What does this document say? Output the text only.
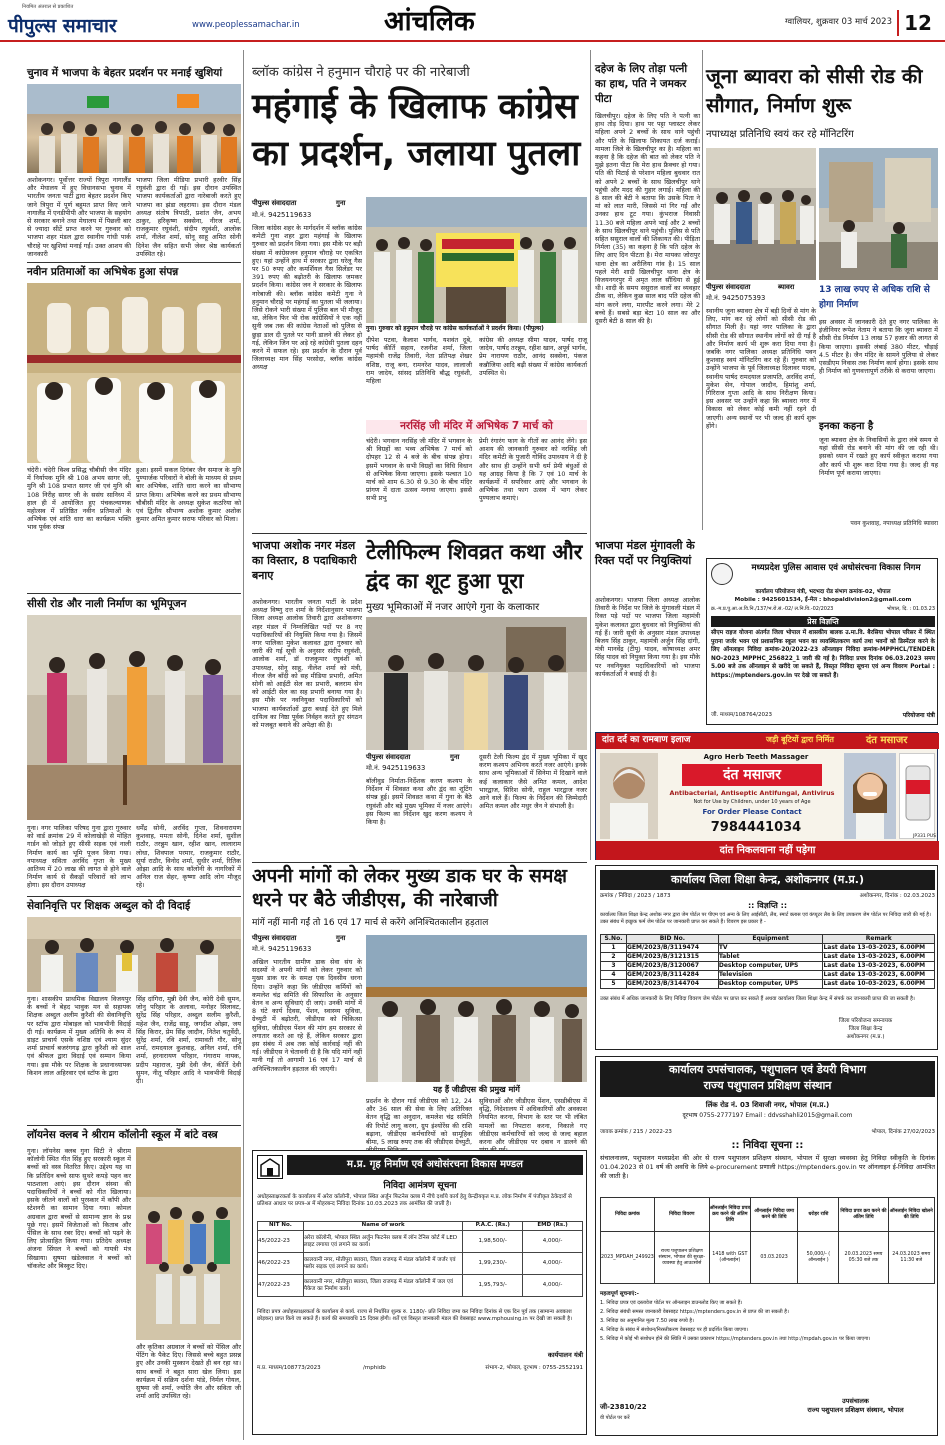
पीपुल्स समाचार
नियमित अंतराल से प्रकाशित
www.peoplessamachar.in	आंचलिक	ग्वालियर, शुक्रवार 03 मार्च 2023 12
चुनाव में भाजपा के बेहतर प्रदर्शन पर मनाई खुशियां
अशोकनगर। पूर्वोत्तर राज्यों त्रिपुरा नागालैंड और मेघालय में हुए विधानसभा चुनाव में भारतीय जनता पार्टी द्वारा बेहतर प्रदर्शन किए जाने त्रिपुरा में पूर्ण बहुमत प्राप्त किए जाने नागालैंड में एनडीपीपी और भाजपा के सहयोग से सरकार बनाने तथा मेघालय में पिछली बार से ज्यादा सीटें प्राप्त करने पर गुरुवार को भाजपा शहर मंडल द्वारा स्थानीय गांधी पार्क चौराहे पर खुशियां मनाई गईं। उक्त आशय की जानकारी
भाजपा जिला मीडिया प्रभारी हरवीर सिंह रघुवंशी द्वारा दी गई। इस दौरान उपस्थित भाजपा कार्यकर्ताओं द्वारा नारेबाजी करते हुए भाजपा का झंडा लहराया। इस दौरान मंडल अध्यक्ष संतोष त्रिपाठी, प्रशांत जैन, अभय ठाकुर, हरिकृष्ण सक्सेना, नीरज शर्मा, राजकुमार रघुवंशी, संदीप रघुवंशी, आलोक शर्मा, नीलेश शर्मा, सोनू साहू अमित सोनी दिनेश जैन सहित सभी जेवर श्रेष्ठ कार्यकर्ता उपस्थित रहे।
नवीन प्रतिमाओं का अभिषेक हुआ संपन्न
चंदेरी। चंदेरी विश्व प्रसिद्ध चौबीसी जैन मंदिर में निर्यापक मुनि श्री 108 अभय सागर जी, मुनि श्री 108 प्रभात सागर जी एवं मुनि श्री 108 निरीह सागर जी के ससंघ सानिध्य में हाल ही में आयोजित हुए पंचकल्याणक महोत्सव में प्रतिष्ठित नवीन प्रतिमाओं के अभिषेक एवं शांति धारा का कार्यक्रम भक्ति भाव पूर्वक संपन्न
हुआ। इसमें सकल दिगंबर जैन समाज के मुनि पुण्यार्जक परिवारों ने बोली के माध्यम से प्रथम बार अभिषेक, शांति धारा करने का सौभाग्य प्राप्त किया। अभिषेक करने का प्रथम सौभाग्य चौबीसी मंदिर के अध्यक्ष सुकेश कठरिया को एवं द्वितीय सौभाग्य अशोक कुमार अशोक कुमार अमित कुमार सराफ परिवार को मिला।
सीसी रोड और नाली निर्माण का भूमिपूजन
गुना। नगर पालिका परिषद गुना द्वारा गुरुवार को वार्ड क्रमांक 29 में कोलाखेड़ी से मोहित गार्डन को जोड़ते हुए सीसी सड़क एवं नाली निर्माण कार्य का भूमि पूजन किया गया। नपाध्यक्ष सविता अरविंद गुप्ता के मुख्य आतिथ्य में 20 लाख की लागत से होने वाले निर्माण कार्य से सैकड़ों परिवारों को लाभ होगा। इस दौरान उपाध्यक्ष
धर्मेंद्र सोनी, अरविंद गुप्ता, शिवनारायण कुशवाह, ममता सोनी, दिनेश शर्मा, सुशील राठौर, तरन्नुम खान, रहीश खान, लालाराम लोधा, शिवपाल परमार, राजकुमार राठौर, सूर्या राठौर, विनोद शर्मा, सुधीर शर्मा, रितिक ओझा आदि के साथ कॉलोनी के नागरिकों में अनिल राज सेहर, कृष्णा आदि लोग मौजूद रहे।
सेवानिवृत्ति पर शिक्षक अब्दुल को दी विदाई
गुना। शासकीय प्राथमिक विद्यालय विजयपुर के बच्चों ने बेहद भावुक मन से सहायक शिक्षक अब्दुल अलीम कुरैशी की सेवानिवृत्ति पर स्टॉफ द्वारा मोबाइल को भावभीनी विदाई दी गई। कार्यक्रम में मुख्य अतिथि के रूप में डाइट प्राचार्य एसके वशिष्ठ एवं श्याम सुंदर शर्मा प्राचार्य बजरंगगढ़ द्वारा कुरैशी को शाल एवं श्रीफल द्वारा विदाई एवं सम्मान किया गया। इस मौके पर शिक्षक के प्रधानाध्यापक किशन लाल अहिरवार एवं स्टॉफ के द्वारा
सिंह दांगिरा, मुन्नी देवी जैन, कोरी देवी सुमन, जोनु परिहार के अलावा, मनोहर सिलावट, सुरेंद्र सिंह परिहार, अब्दुल सलीम कुरैशी, महेश जैन, राजेंद्र साहू, जगदीश ओझा, जय सिंह किरार, प्रेम सिंह जादौन, नितेश चतुर्वेदी, सुरेंद्र शर्मा, रवि शर्मा, रामावती गौर, सोनू शर्मा, रामदयाल कुशवाह, अनिल शर्मा, रवि शर्मा, हरनारायण परिहार, गंगाराम नायक, प्रदीप महाराज, मुन्नी देवी जैन, कीर्ति देवी सुमन, नीतू परिहार आदि ने भावभीनी विदाई दी।
लॉयनेस क्लब ने श्रीराम कॉलोनी स्कूल में बांटे वस्त्र
गुना। लॉयनेस क्लब गुना सिटी ने श्रीराम कॉलोनी स्थित गीत सिंह हुए सरकारी स्कूल में बच्चों को वस्त्र वितरित किए। उद्देश्य यह था कि प्रतिदिन बच्चे साफ सुथरे कपड़े पहन कर पाठशाला आएं। इस दौरान संस्था की पदाधिकारियों ने बच्चों को गीत खिलाया। इसके जीतने वालों को पुरस्कार में कॉपी और स्टेशनरी का सामान दिया गया। कोमल अग्रवाल द्वारा बच्चों से सामान्य ज्ञान के प्रश्न पूछे गए। इसमें विजेताओं को किताब और पेंसिल के साथ रबर दिए। बच्चों को पढ़ने के लिए प्रोत्साहित किया गया। प्रतिदेय अध्यक्ष अंजना सिंघल ने बच्चों को गायत्री मंत्र सिखाया। सुषमा खंडेलवाल ने बच्चों को चॉकलेट और बिस्कुट दिए।
और कृतिका अग्रवाल ने बच्चों को पेंसिल और पेंटिंग के पैकेट दिए। जिससे बच्चे बहुत प्रसन्न हुए और उनकी मुस्कान देखते ही बन रहा था। साथ बच्चों ने बहुत सारा खेल लिया। इस कार्यक्रम में सक्रिय दर्शना पांडे, निर्मल गोयल, सुषमा जी शर्मा, ज्योति जैन और सविता जी शर्मा आदि उपस्थित रहे।
ब्लॉक कांग्रेस ने हनुमान चौराहे पर की नारेबाजी
महंगाई के खिलाफ कांग्रेस का प्रदर्शन, जलाया पुतला
पीपुल्स संवाददाता	गुना
मो.नं. 9425119633
जिला कांग्रेस शहर के मार्गदर्शन में ब्लॉक कांग्रेस कमेटी गुना शहर द्वारा महंगाई के खिलाफ गुरुवार को प्रदर्शन किया गया। इस मौके पर बड़ी संख्या में कांग्रेसजन हनुमान चौराहे पर एकत्रित हुए। यहां उन्होंने हाथ में सरकार द्वारा घरेलू गैस पर 50 रुपए और कमर्शियल गैस सिलेंडर पर 391 रुपए की बढ़ोतरी के खिलाफ जमकर प्रदर्शन किया। कांग्रेस जन ने सरकार के खिलाफ नारेबाजी की। ब्लॉक कांग्रेस कमेटी गुना ने हनुमान चौराहे पर महंगाई का पुतला भी जलाया। जिसे रोकने भारी संख्या में पुलिस बल भी मौजूद था, लेकिन फिर भी रोक कांग्रेसियों ने एक नहीं सुनी जब तक की कांग्रेस नेताओं को पुलिस से छुड़ा डाल दी पुतले पर पानी डालने की लेकर हो गई, लेकिन जिन पर अड़े रहे कांग्रेसी पुतला दहन करने में सफल रहे। इस प्रदर्शन के दौरान पूर्व जिलाध्यक्ष मान सिंह परसोदा, ब्लॉक कांग्रेस अध्यक्ष
गुना। गुरुवार को हनुमान चौराहे पर कांग्रेस कार्यकर्ताओं ने प्रदर्शन किया। (पीपुल्स)
दीपेश पटवा, कैलाश भार्गव, यशवंत दूबे, पार्षद कीर्ति सहाय, रजनीश शर्मा, जिला महामंत्री राजेंद्र तिवारी, नेता प्रतिपक्ष शेखर वशिष्ठ, राजू बना, रामनरेश यादव, लालाजी राम जादेय, सांसद प्रतिनिधि बौद्ध रघुवंशी, महिला
कांग्रेस की अध्यक्ष सीमा यादव, पार्षद राजू जादेय, पार्षद तरन्नुम, रहीश खान, अपूर्व भार्गव, प्रेम नारायण राठौर, आनंद सक्सेना, पंकज कन्नौजिया आदि बढ़ी संख्या में कांग्रेस कार्यकर्ता उपस्थित थे।
नरसिंह जी मंदिर में अभिषेक 7 मार्च को
चंदेरी। भगवान नरसिंह जी मंदिर में भगवान के श्री विग्रहों का भव्य अभिषेक 7 मार्च को दोपहर 12 से 4 बजे के बीच संपन्न होगा। इसमें भगवान के सभी विग्रहों का विधि विधान से अभिषेक किया जाएगा। इसके पश्चात 10 मार्च को शाम 6.30 से 9.30 के बीच मंदिर प्रांगण में दाता उत्सव मनाया जाएगा। इससे सभी प्रभु
प्रेमी रंगारंग फाग के गीतों का आनंद लेंगे। इस आशय की जानकारी गुरुवार को नरसिंह जी मंदिर कमेटी के पुजारी गोविंद उपाध्याय ने दी है और साथ ही उन्होंने सभी धर्म प्रेमी बंधुओं से यह आग्रह किया है कि 7 एवं 10 मार्च के कार्यक्रमों में सपरिवार आएं और भगवान के अभिषेक तथा फाग उत्सव में भाग लेकर पुण्यलाभ कमाएं।
भाजपा अशोक नगर मंडल का विस्तार, 8 पदाधिकारी बनाए
अशोकनगर। भारतीय जनता पार्टी के प्रदेश अध्यक्ष विष्णु दत्त शर्मा के निर्देशानुसार भाजपा जिला अध्यक्ष आलोक तिवारी द्वारा अशोकनगर शहर मंडल में निम्नलिखित पदों पर 8 नए पदाधिकारियों की नियुक्ति किया गया है। जिसमें नगर पालिका मुकेश कलावत द्वारा गुरुवार को जारी की गई सूची के अनुसार संदीप रघुवंशी, आलोक शर्मा, डॉ राजकुमार रघुवंशी को उपाध्यक्ष, सोनू साहू, नीलेश शर्मा को मंत्री, नीरज जैन बाँदी को सह मीडिया प्रभारी, अमित सोनी को आईटी सेल का प्रभारी, बलराम सेन को आईटी सेल का सह प्रभारी बनाया गया है। इस मौके पर नवनियुक्त पदाधिकारियों को भाजपा कार्यकर्ताओं द्वारा बधाई देते हुए मिले दायित्व का निष्ठा पूर्वक निर्वहन करते हुए संगठन को मजबूत बनाने की अपेक्षा की है।
टेलीफिल्म शिवव्रत कथा और द्वंद का शूट हुआ पूरा
मुख्य भूमिकाओं में नजर आएंगे गुना के कलाकार
पीपुल्स संवाददाता	गुना
मो.नं. 9425119633
बॉलीवुड निर्माता-निर्देशक करण कश्यप के निर्देशन में शिवव्रत कथा और द्वंद का शूटिंग संपन्न हुई। इसमें शिवव्रत कथा में गुना के बैठे रघुवंशी और बड़े मुख्य भूमिका में नजर आएंगे। इस फिल्म का निर्देशन खुद करण कश्यप ने किया है।
दूसरी टेली फिल्म द्वंद में मुख्य भूमिका में खुद करण कश्यप अभिनय करते नजर आएंगे। इनके साथ अन्य भूमिकाओं में सिनेमा में दिखाने वाले कई कलाकार जैसे अमित कमल, आदेश भारद्वाज, सिरिश सोनी, राहुल भारद्वाज नजर आने वाले हैं। फिल्म के निर्देशन की जिम्मेदारी अमित कमल और मधुर जैन ने संभाली है।
अपनी मांगों को लेकर मुख्य डाक घर के समक्ष धरने पर बैठे जीडीएस, की नारेबाजी
मांगें नहीं मानी गईं तो 16 एवं 17 मार्च से करेंगे अनिश्चितकालीन हड़ताल
पीपुल्स संवाददाता	गुना
मो.नं. 9425119633
अखिल भारतीय ग्रामीण डाक सेवा संघ के सदस्यों ने अपनी मांगों को लेकर गुरुवार को मुख्य डाक घर के समक्ष एक दिवसीय धरना दिया। उन्होंने कहा कि जीडीएस कर्मियों को कमलेश चंद्र समिति की सिफारिश के अनुसार वेतन व अन्य सुविधाएं दी जाएं। उनकी मांगों में 8 घंटे कार्य दिवस, पेंशन, स्वास्थ्य सुविधा, ग्रेच्युटी में बढ़ोतरी, जीडीएस को चिकित्सा सुविधा, जीडीएस पेंशन की मांग हम सरकार से लगातार करते आ रहे हैं, लेकिन सरकार द्वारा इस संबंध में अब तक कोई कार्रवाई नहीं की गई। जीडीएस ने चेतावनी दी है कि यदि मांगें नहीं मानी गईं तो आगामी 16 एवं 17 मार्च से अनिश्चितकालीन हड़ताल की जाएगी।
यह हैं जीडीएस की प्रमुख मांगें
प्रदर्शन के दौरान गार्ड जीडीएस को 12, 24 और 36 साल की सेवा के लिए अतिरिक्त वेतन वृद्धि का अनुदान, कमलेश चंद्र समिति की रिपोर्ट लागू करना, ग्रुप इंश्योरेंस की राशि बढ़ाना, जीडीएस कर्मचारियों को सामूहिक बीमा, 5 लाख रुपए तक की जीडीएस ग्रेच्युटी,
सुविधाओं और जीडीएस पेंशन, एसडीबीएस में वृद्धि, निदेशालय में अधिकारियों और अवकाश नियमित करना, विभाग के स्तर पर भी लंबित मामलों का निपटारा करना, निकाले गए जीडीएस कर्मचारियों को जल्द से जल्द बहाल करना और जीडीएस पर दबाव न डालने की
म.प्र. गृह निर्माण एवं अधोसंरचना विकास मण्डल
निविदा आमंत्रण सूचना
अधोहस्ताक्षरकर्ता के कार्यालय में अरेरा कॉलोनी, भोपाल स्थित अर्जुन फिटनेस क्लब में नीचे दर्शाये कार्य हेतु केन्द्रीयकृत म.प्र. लोक निर्माण में पंजीकृत ठेकेदारों से प्रतिशत आधार पर प्रपत्र-अ में मोहरबन्द निविदा दिनांक 10.03.2023 तक आमंत्रित की जाती है।
NIT No.	Name of work	P.A.C. (Rs.)	EMD (Rs.)
45/2022-23	अरेरा कॉलोनी, भोपाल स्थित अर्जुन फिटनेस क्लब में लॉन टेनिस कोर्ट में LED लाइट लगाया एवं लगाने का कार्य।	1,98,500/-	4,000/-
46/2022-23	कालवानी नगर, मोतीपुरा ब्यावरा, जिला राजगढ़ में मंडल कॉलोनी में जर्जर एवं फ्लोर सड़क एवं लगाने का कार्य।	1,99,230/-	4,000/-
47/2022-23	कालवानी नगर, मोतीपुरा ब्यावरा, जिला राजगढ़ में मंडल कॉलोनी में जल एवं पैकेज का निर्माण कार्य।	1,95,793/-	4,000/-
निविदा प्रपत्र अधोहस्ताक्षरकर्ता के कार्यालय से कार्य. राज्य से निर्धारित शुल्क रु. 1180/- प्रति निविदा जमा कर निविदा दिनांक से एक दिन पूर्व तक (सामान्य अवकाश छोड़कर) प्राप्त किये जा सकते हैं। कार्य की समयावधि 15 दिवस होगी। शर्तें एवं विस्तृत जानकारी मंडल की वेबसाइट www.mphousing.in पर देखी जा सकती है।
कार्यपालन यंत्री
म.प्र. माध्यम/108773/2023	/mphidb	संभाग-2, भोपाल, दूरभाष : 0755-2552191
दहेज के लिए तोड़ा पत्नी का हाथ, पति ने जमकर पीटा
खिलचीपुर। दहेज के लिए पति ने पत्नी का हाथ तोड़ दिया। हाथ पर पट्टा प्लास्टर लेकर महिला अपने 2 बच्चों के साथ थाने पहुंची और पति के खिलाफ शिकायत दर्ज कराई। मामला जिले के खिलचीपुर का है। महिला का कहना है कि दहेज की बात को लेकर पति ने मुझे इतना पीटा कि मेरा हाथ फ्रैक्चर हो गया। पति की पिटाई से परेशान महिला बुधवार रात को अपने 2 बच्चों के साथ खिलचीपुर थाने पहुंची और मदद की गुहार लगाई। महिला की 8 साल की बेटी ने बताया कि उसके पिता ने मां को लात मारी, जिससे मां गिर गईं और उनका हाथ टूट गया। कुंभराज निवासी 11.30 बजे महिला अपने भाई और 2 बच्चों के साथ खिलचीपुर थाने पहुंची। पुलिस से पति सहित ससुराल वालों की शिकायत की। पीड़िता निर्मला (35) का कहना है कि पति दहेज के लिए आए दिन पीटता है। मेरा मायका जोरापुर थाना क्षेत्र का अरीलिया गांव है। 15 साल पहले मेरी शादी खिलचीपुर थाना क्षेत्र के विजयनगरपुर में अमृत लाल सौंधिया से हुई थी। शादी के समय ससुराल वालों का व्यवहार ठीक था, लेकिन कुछ साल बाद पति दहेज की मांग करने लगा, मारपीट करने लगा। मेरे 2 बच्चे हैं। सबसे बड़ा बेटा 10 साल का और दूसरी बेटी 8 साल की है।
भाजपा मंडल मुंगावली के रिक्त पदों पर नियुक्तियां
अशोकनगर। भाजपा जिला अध्यक्ष आलोक तिवारी के निर्देश पर जिले के मुंगावली मंडल में रिक्त पड़े पदों पर भाजपा जिला महामंत्री मुकेश कलावत द्वारा बुधवार को नियुक्तियां की गई हैं। जारी सूची के अनुसार मंडल उपाध्यक्ष बिजय सिंह ठाकुर, महामंत्री अर्जुन सिंह दांगी, मंत्री मानवेंद्र (टीपू) यादव, कोषाध्यक्ष अमर सिंह यादव को नियुक्त किया गया है। इस मौके पर नवनियुक्त पदाधिकारियों को भाजपा कार्यकर्ताओं ने बधाई दी है।
जूना ब्यावरा को सीसी रोड की सौगात, निर्माण शुरू
नपाध्यक्ष प्रतिनिधि स्वयं कर रहे मॉनिटरिंग
पीपुल्स संवाददाता	ब्यावरा
मो.नं. 9425075393
स्थानीय जूना ब्यावरा क्षेत्र में बड़ी दिनों से मांग के लिए, मांग कर रहे लोगों को सीसी रोड की सौगात मिली है। यहां नगर पालिका के द्वारा सीसी रोड की सौगात स्थानीय लोगों को दी गई है और निर्माण कार्य भी शुरू करा दिया गया है। जबकि नगर पालिका अध्यक्ष प्रतिनिधि पवन कुशवाह स्वयं मॉनिटरिंग कर रहे हैं। गुरुवार को उन्होंने भाजपा के पूर्व जिलाध्यक्ष दिलावर यादव, स्थानीय पार्षद रामदयाल प्रजापति, अरविंद शर्मा, मुकेश सेन, गोपाल जादौन, हिमांशु शर्मा, गिरिराज गुप्ता आदि के साथ निरीक्षण किया। इस अवसर पर उन्होंने कहा कि ब्यावरा नगर में विकास को लेकर कोई कमी नहीं रहने दी जाएगी। अन्य स्थानों पर भी जल्द ही कार्य शुरू होंगे।
13 लाख रुपए से अधिक राशि से होगा निर्माण
इस अवसर में जानकारी देते हुए नगर पालिका के इंजीनियर रूपेश नेताम ने बताया कि जूना ब्यावरा में सीसी रोड निर्माण 13 लाख 57 हजार की लागत से किया जाएगा। इसकी लंबाई 380 मीटर, चौड़ाई 4.5 मीटर है। जैन मंदिर के सामने पुलिया से लेकर एसडीएम निवास तक निर्माण कार्य होगा। इसके साथ ही निर्माण को गुणवत्तापूर्ण तरीके से कराया जाएगा।
इनका कहना है
जूना ब्यावरा क्षेत्र के निवासियों के द्वारा लंबे समय से यहां सीसी रोड बनाने की मांग की जा रही थी। इसको ध्यान में रखते हुए कार्य स्वीकृत कराया गया और कार्य भी शुरू करा दिया गया है। जल्द ही यह निर्माण पूर्ण कराया जाएगा।
पवन कुशवाह, नपाध्यक्ष प्रतिनिधि ब्यावरा
मध्यप्रदेश पुलिस आवास एवं अधोसंरचना विकास निगम
कार्यालय परियोजना यंत्री, भदभदा रोड संभाग क्रमांक-02, भोपाल
Mobile : 9425601534, ई-मेल : bhopaldivision2@gmail.com
क्र.-म.प्र.पु.आ.अ.वि.नि./137/भ.रो.सं.-02/ ल.नि.वि.-02/2023	भोपाल, दि. : 01.03.23
प्रेस विज्ञप्ति
सीएम राइज योजना अंतर्गत जिला भोपाल में शासकीय बालक उ.मा.वि. बैरसिया भोपाल परिसर में स्थित पुराना जर्जर भवन एवं प्रशासनिक स्कूल भवन का व्यवस्थितकरण कार्य तथा भवनों को डिस्मेंटल करने के लिए ऑनलाइन निविदा क्रमांक-20/2022-23 ऑनलाइन निविदा क्रमांक-MPPHCL/TENDER NO-2023_MPPHC_256822_1 जारी की गई है। निविदा प्रपत्र दिनांक 06.03.2023 समय 5.00 बजे तक ऑनलाइन से खरीदे जा सकते हैं, विस्तृत निविदा सूचना एवं अन्य विवरण Portal : https://mptenders.gov.in पर देखे जा सकते हैं।
जी. माध्यम/108764/2023	परियोजना यंत्री
दांत दर्द का रामबाण इलाज	जड़ी बूटियों द्वारा निर्मित	दंत मसाजर
Agro Herb Teeth Massager
दंत मसाजर
Antibacterial, Antiseptic Antifungal, Antivirus
Not for Use by Children, under 10 years of Age
For Order Please Contact
7984441034
दांत निकलवाना नहीं पड़ेगा
JP331 PUS
कार्यालय जिला शिक्षा केन्द्र, अशोकनगर (म.प्र.)
क्रमांक / निविदा / 2023 / 1873	अशोकनगर, दिनांक : 02.03.2023
:: विज्ञप्ति ::
कार्यालय जिला शिक्षा केन्द्र अशोक नगर द्वारा जेम पोर्टल पर पीएम एवं अन्य के लिए आईसीटी, लैब, स्मार्ट क्लास एवं कंप्यूटर लैब के लिए उपकरण जेम पोर्टल पर निविदा जारी की गई है। उक्त संबंध में इच्छुक फर्म जेम पोर्टल पर जानकारी प्राप्त कर सकते हैं। विवरण इस प्रकार है -
S.No.	BID No.	Equipment	Remark
1	GEM/2023/B/3119474	TV	Last date 13-03-2023, 6.00PM
2	GEM/2023/B/3121315	Tablet	Last date 13-03-2023, 6.00PM
3	GEM/2023/B/3120067	Desktop computer, UPS	Last date 13-03-2023, 6.00PM
4	GEM/2023/B/3114284	Television	Last date 13-03-2023, 6.00PM
5	GEM/2023/B/3144704	Desktop computer, UPS	Last date 10-03-2023, 6.00PM
उक्त संबंध में अधिक जानकारी के लिए निविदा विवरण जेम पोर्टल पर प्राप्त कर सकते हैं अथवा कार्यालय जिला शिक्षा केन्द्र में संपर्क कर जानकारी प्राप्त की जा सकती है।
जिला परियोजना समन्वयक
जिला शिक्षा केन्द्र
अशोकनगर (म.प्र.)
कार्यालय उपसंचालक, पशुपालन एवं डेयरी विभाग
राज्य पशुपालन प्रशिक्षण संस्थान
लिंक रोड नं. 03 शिवाजी नगर, भोपाल (म.प्र.)
दूरभाष 0755-2777197 Email : ddvsshahli2015@gmail.com
जावक क्रमांक / 215 / 2022-23	भोपाल, दिनांक 27/02/2023
:: निविदा सूचना ::
संचालनालय, पशुपालन मध्यप्रदेश की ओर से राज्य पशुपालन प्रशिक्षण संस्थान, भोपाल में सुरक्षा व्यवस्था हेतु निविदा स्वीकृति के दिनांक 01.04.2023 से 01 वर्ष की अवधि के लिये e-procurement प्रणाली https://mptenders.gov.in पर ऑनलाइन ई-निविदा आमंत्रित की जाती है।
निविदा क्रमांक	निविदा विवरण	ऑनलाईन निविदा प्रपत्र क्रय करने की अंतिम तिथि	ऑनलाईन निविदा जमा करने की तिथि	धरोहर राशि	निविदा प्रपत्र क्रय करने की अंतिम तिथि	ऑनलाईन निविदा खोलने की तिथि
2023_MPDAH_249923	राज्य पशुपालन प्रशिक्षण संस्थान, भोपाल की सुरक्षा-व्यवस्था हेतु आउटसोर्स	1418 with GST (ऑनलाईन)	03.03.2023	50,000/- ( ऑनलाईन )	20.03.2023 समय 05:30 बजे तक	24.03.2023 समय 11:30 बजे
महत्वपूर्ण सूचनाएं:-
1. निविदा प्रपत्र एवं दस्तावेज पोर्टल पर ऑनलाइन डाउनलोड किए जा सकते हैं।
2. निविदा संबंधी समस्त जानकारी वेबसाइट https://mptenders.gov.in से प्राप्त की जा सकती है।
3. निविदा का अनुमानित मूल्य 7.50 लाख रुपये है।
4. निविदा के संबंध में संशोधन/निरस्तीकरण वेबसाइट पर ही प्रदर्शित किया जाएगा।
5. निविदा में कोई भी संशोधन होने की स्थिति में उसका प्रकाशन https://mptenders.gov.in तथा http://mpdah.gov.in पर किया जाएगा।
जी-23810/22
वी पोर्टल पर करें
उपसंचालक
राज्य पशुपालन प्रशिक्षण संस्थान, भोपाल
